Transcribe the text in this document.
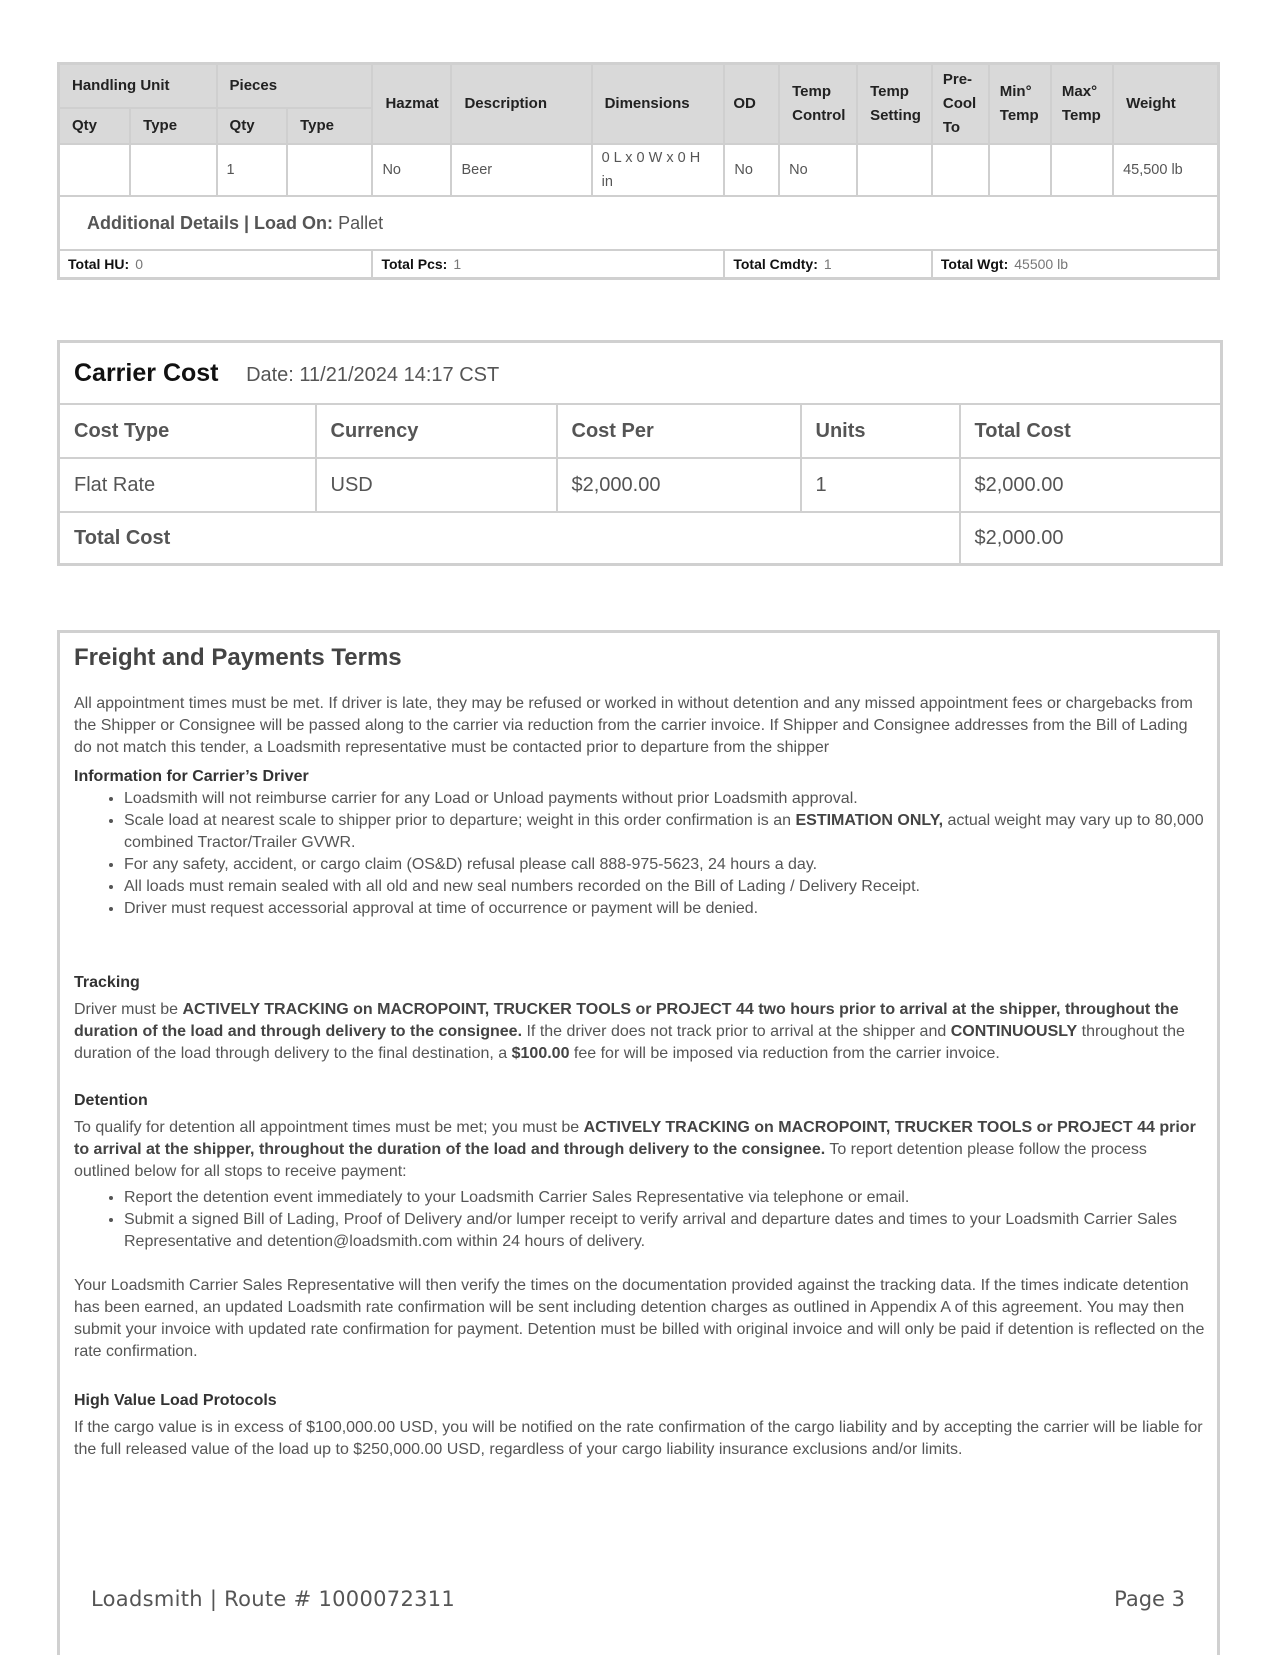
Handling Unit		Pieces		Hazmat	Description	Dimensions	OD	Temp Control	Temp Setting	Pre-Cool To	Min° Temp	Max° Temp	Weight
Qty	Type	Qty	Type										
		1		No	Beer	0 L x 0 W x 0 H in	No	No					45,500 lb
Additional Details | Load On: Pallet													
Total HU: 0				Total Pcs: 1			Total Cmdty: 1			Total Wgt: 45500 lb			
Carrier Cost Date: 11/21/2024 14:17 CST				
Cost Type	Currency	Cost Per	Units	Total Cost
Flat Rate	USD	$2,000.00	1	$2,000.00
Total Cost				$2,000.00
Freight and Payments Terms

All appointment times must be met. If driver is late, they may be refused or worked in without detention and any missed appointment fees or chargebacks from the Shipper or Consignee will be passed along to the carrier via reduction from the carrier invoice. If Shipper and Consignee addresses from the Bill of Lading do not match this tender, a Loadsmith representative must be contacted prior to departure from the shipper

Information for Carrier’s Driver
• Loadsmith will not reimburse carrier for any Load or Unload payments without prior Loadsmith approval.
• Scale load at nearest scale to shipper prior to departure; weight in this order confirmation is an ESTIMATION ONLY, actual weight may vary up to 80,000 combined Tractor/Trailer GVWR.
• For any safety, accident, or cargo claim (OS&D) refusal please call 888-975-5623, 24 hours a day.
• All loads must remain sealed with all old and new seal numbers recorded on the Bill of Lading / Delivery Receipt.
• Driver must request accessorial approval at time of occurrence or payment will be denied.
Tracking

Driver must be ACTIVELY TRACKING on MACROPOINT, TRUCKER TOOLS or PROJECT 44 two hours prior to arrival at the shipper, throughout the duration of the load and through delivery to the consignee. If the driver does not track prior to arrival at the shipper and CONTINUOUSLY throughout the duration of the load through delivery to the final destination, a $100.00 fee for will be imposed via reduction from the carrier invoice.

Detention

To qualify for detention all appointment times must be met; you must be ACTIVELY TRACKING on MACROPOINT, TRUCKER TOOLS or PROJECT 44 prior to arrival at the shipper, throughout the duration of the load and through delivery to the consignee. To report detention please follow the process outlined below for all stops to receive payment:

• Report the detention event immediately to your Loadsmith Carrier Sales Representative via telephone or email.
• Submit a signed Bill of Lading, Proof of Delivery and/or lumper receipt to verify arrival and departure dates and times to your Loadsmith Carrier Sales Representative and detention@loadsmith.com within 24 hours of delivery.

Your Loadsmith Carrier Sales Representative will then verify the times on the documentation provided against the tracking data. If the times indicate detention has been earned, an updated Loadsmith rate confirmation will be sent including detention charges as outlined in Appendix A of this agreement. You may then submit your invoice with updated rate confirmation for payment. Detention must be billed with original invoice and will only be paid if detention is reflected on the rate confirmation.

High Value Load Protocols

If the cargo value is in excess of $100,000.00 USD, you will be notified on the rate confirmation of the cargo liability and by accepting the carrier will be liable for the full released value of the load up to $250,000.00 USD, regardless of your cargo liability insurance exclusions and/or limits.

Loadsmith | Route # 1000072311	Page 3
